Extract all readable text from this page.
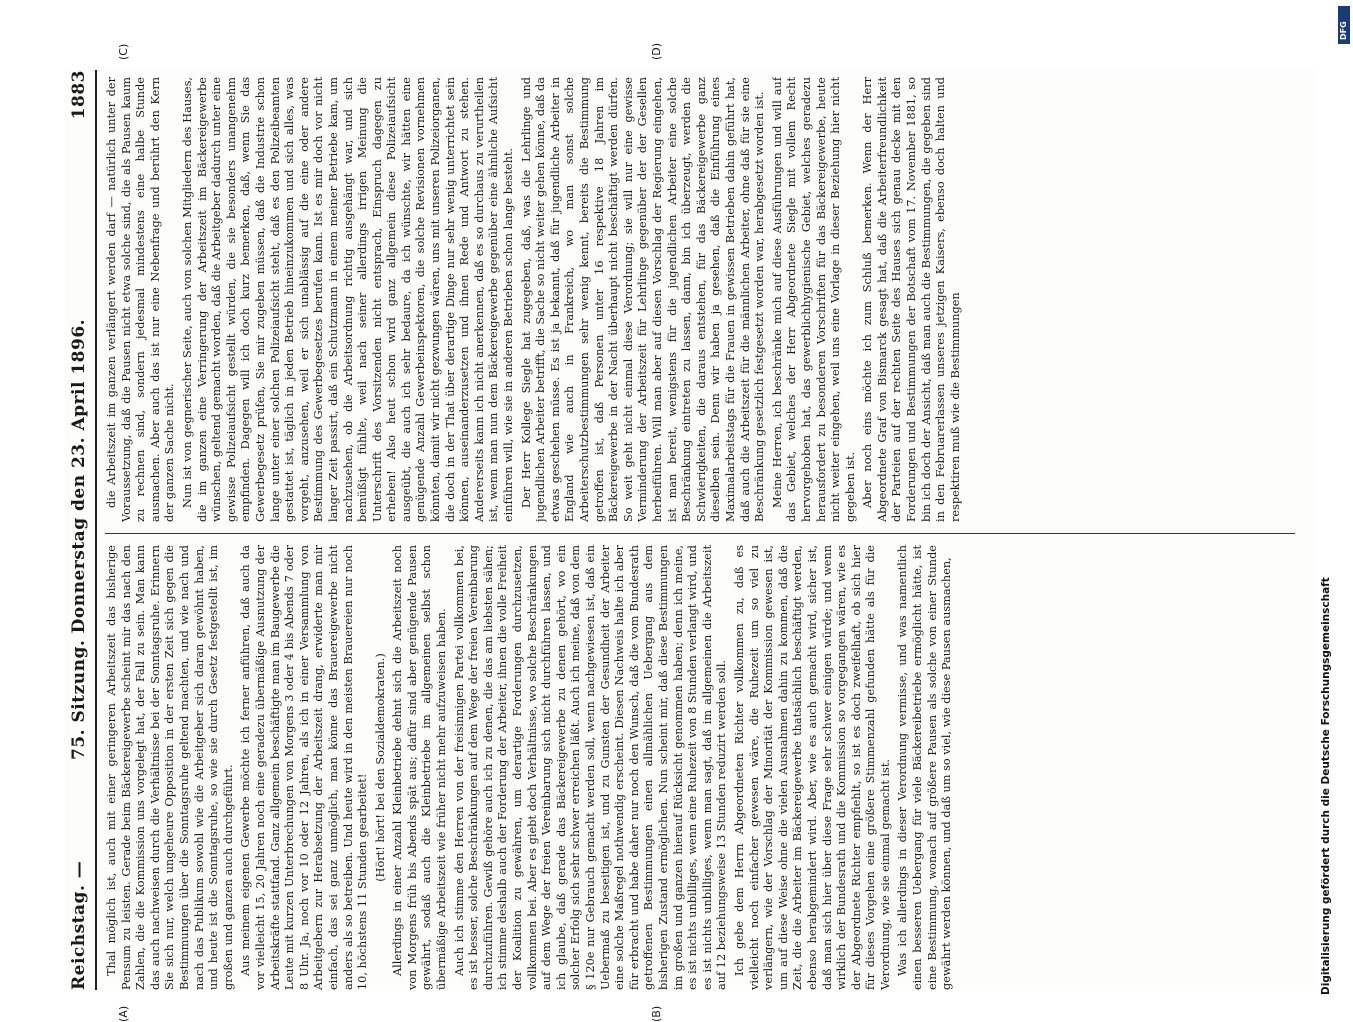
Reichstag. —
75. Sitzung. Donnerstag den 23. April 1896.
1883
(A)	(B)
(C)	(D)

Thal möglich ist, auch mit einer geringeren Arbeitszeit das bisherige Pensum zu leisten. Gerade beim Bäckereigewerbe scheint mir das nach den Zahlen, die die Kommission uns vorgelegt hat, der Fall zu sein. Man kann das auch nachweisen durch die Verhältnisse bei der Sonntagsruhe. Erinnern Sie sich nur, welch ungeheure Opposition in der ersten Zeit sich gegen die Bestimmungen über die Sonntagsruhe geltend machten, und wie nach und nach das Publikum sowohl wie die Arbeitgeber sich daran gewöhnt haben, und heute ist die Sonntagsruhe, so wie sie durch Gesetz festgestellt ist, im großen und ganzen auch durchgeführt. Aus meinem eigenen Gewerbe möchte ich ferner anführen, daß auch da vor vielleicht 15, 20 Jahren noch eine geradezu übermäßige Ausnutzung der Arbeitskräfte stattfand. Ganz allgemein beschäftigte man im Baugewerbe die Leute mit kurzen Unterbrechungen von Morgens 3 oder 4 bis Abends 7 oder 8 Uhr. Ja, noch vor 10 oder 12 Jahren, als ich in einer Versammlung von Arbeitgebern zur Herabsetzung der Arbeitszeit drang, erwiderte man mir einfach, das sei ganz unmöglich, man könne das Brauereigewerbe nicht anders als so betreiben. Und heute wird in den meisten Brauereien nur noch 10, höchstens 11 Stunden gearbeitet!

(Hört! hört! bei den Sozialdemokraten.) Allerdings in einer Anzahl Kleinbetriebe dehnt sich die Arbeitszeit noch von Morgens früh bis Abends spät aus; dafür sind aber genügende Pausen gewährt, sodaß auch die Kleinbetriebe im allgemeinen selbst schon übermäßige Arbeitszeit wie früher nicht mehr aufzuweisen haben. Auch ich stimme den Herren von der freisinnigen Partei vollkommen bei, es ist besser, solche Beschränkungen auf dem Wege der freien Vereinbarung durchzuführen. Gewiß gehöre auch ich zu denen, die das am liebsten sähen; ich stimme deshalb auch der Forderung der Arbeiter, ihnen die volle Freiheit der Koalition zu gewähren, um derartige Forderungen durchzusetzen, vollkommen bei. Aber es giebt doch Verhältnisse, wo solche Beschränkungen auf dem Wege der freien Vereinbarung sich nicht durchführen lassen, und ich glaube, daß gerade das Bäckereigewerbe zu denen gehört, wo ein solcher Erfolg sich sehr schwer erreichen läßt. Auch ich meine, daß von dem § 120e nur Gebrauch gemacht werden soll, wenn nachgewiesen ist, daß ein Uebermaß zu beseitigen ist, und zu Gunsten der Gesundheit der Arbeiter eine solche Maßregel nothwendig erscheint. Diesen Nachweis halte ich aber für erbracht und habe daher nur noch den Wunsch, daß die vom Bundesrath getroffenen Bestimmungen einen allmählichen Uebergang aus dem bisherigen Zustand ermöglichen. Nun scheint mir, daß diese Bestimmungen im großen und ganzen hierauf Rücksicht genommen haben; denn ich meine, es ist nichts unbilliges, wenn eine Ruhezeit von 8 Stunden verlangt wird, und es ist nichts unbilliges, wenn man sagt, daß im allgemeinen die Arbeitszeit auf 12 beziehungsweise 13 Stunden reduzirt werden soll. Ich gebe dem Herrn Abgeordneten Richter vollkommen zu, daß es vielleicht noch einfacher gewesen wäre, die Ruhezeit um so viel zu verlängern, wie der Vorschlag der Minorität der Kommission gewesen ist, um auf diese Weise ohne die vielen Ausnahmen dahin zu kommen, daß die Zeit, die die Arbeiter im Bäckereigewerbe thatsächlich beschäftigt werden, ebenso herabgemindert wird. Aber, wie es auch gemacht wird, sicher ist, daß man sich hier über diese Frage sehr schwer einigen würde; und wenn wirklich der Bundesrath und die Kommission so vorgegangen wären, wie es der Abgeordnete Richter empfiehlt, so ist es doch zweifelhaft, ob sich hier für dieses Vorgehen eine größere Stimmenzahl gefunden hätte als für die Verordnung, wie sie einmal gemacht ist. Was ich allerdings in dieser Verordnung vermisse, und was namentlich einen besseren Uebergang für viele Bäckereibetriebe ermöglicht hätte, ist eine Bestimmung, wonach auf größere Pausen als solche von einer Stunde gewährt werden können, und daß um so viel, wie diese Pausen ausmachen,

die Arbeitszeit im ganzen verlängert werden darf — natürlich unter der Voraussetzung, daß die Pausen nicht etwa solche sind, die als Pausen kaum zu rechnen sind, sondern jedesmal mindestens eine halbe Stunde ausmachen. Aber auch das ist nur eine Nebenfrage und berührt den Kern der ganzen Sache nicht. Nun ist von gegnerischer Seite, auch von solchen Mitgliedern des Hauses, die im ganzen eine Verringerung der Arbeitszeit im Bäckereigewerbe wünschen, geltend gemacht worden, daß die Arbeitgeber dadurch unter eine gewisse Polizeiaufsicht gestellt würden, die sie besonders unangenehm empfinden. Dagegen will ich doch kurz bemerken, daß, wenn Sie das Gewerbegesetz prüfen, Sie mir zugeben müssen, daß die Industrie schon lange unter einer solchen Polizeiaufsicht steht, daß es den Polizeibeamten gestattet ist, täglich in jeden Betrieb hineinzukommen und sich alles, was vorgeht, anzusehen, weil er sich unablässig auf die eine oder andere Bestimmung des Gewerbegesetzes berufen kann. Ist es mir doch vor nicht langer Zeit passirt, daß ein Schutzmann in einem meiner Betriebe kam, um nachzusehen, ob die Arbeitsordnung richtig ausgehängt war, und sich bemüßigt fühlte, weil nach seiner allerdings irrigen Meinung die Unterschrift des Vorsitzenden nicht entsprach, Einspruch dagegen zu erheben! Also heut schon wird ganz allgemein diese Polizeiaufsicht ausgeübt, die auch ich sehr bedaure, da ich wünschte, wir hätten eine genügende Anzahl Gewerbeinspektoren, die solche Revisionen vornehmen könnten, damit wir nicht gezwungen wären, uns mit unseren Polizeiorganen, die doch in der That über derartige Dinge nur sehr wenig unterrichtet sein können, auseinanderzusetzen und ihnen Rede und Antwort zu stehen. Andererseits kann ich nicht anerkennen, daß es so durchaus zu verurtheilen ist, wenn man nun dem Bäckereigewerbe gegenüber eine ähnliche Aufsicht einführen will, wie sie in anderen Betrieben schon lange besteht. Der Herr Kollege Siegle hat zugegeben, daß, was die Lehrlinge und jugendlichen Arbeiter betrifft, die Sache so nicht weiter gehen könne, daß da etwas geschehen müsse. Es ist ja bekannt, daß für jugendliche Arbeiter in England wie auch in Frankreich, wo man sonst solche Arbeiterschutzbestimmungen sehr wenig kennt, bereits die Bestimmung getroffen ist, daß Personen unter 16 respektive 18 Jahren im Bäckereigewerbe in der Nacht überhaupt nicht beschäftigt werden dürfen. So weit geht nicht einmal diese Verordnung; sie will nur eine gewisse Verminderung der Arbeitszeit für Lehrlinge gegenüber der der Gesellen herbeiführen. Will man aber auf diesen Vorschlag der Regierung eingehen, ist man bereit, wenigstens für die jugendlichen Arbeiter eine solche Beschränkung eintreten zu lassen, dann, bin ich überzeugt, werden die Schwierigkeiten, die daraus entstehen, für das Bäckereigewerbe ganz dieselben sein. Denn wir haben ja gesehen, daß die Einführung eines Maximalarbeitstags für die Frauen in gewissen Betrieben dahin geführt hat, daß auch die Arbeitszeit für die männlichen Arbeiter, ohne daß für sie eine Beschränkung gesetzlich festgesetzt worden war, herabgesetzt worden ist. Meine Herren, ich beschränke mich auf diese Ausführungen und will auf das Gebiet, welches der Herr Abgeordnete Siegle mit vollem Recht hervorgehoben hat, das gewerblichhygienische Gebiet, welches geradezu herausfordert zu besonderen Vorschriften für das Bäckereigewerbe, heute nicht weiter eingehen, weil uns eine Vorlage in dieser Beziehung hier nicht gegeben ist. Aber noch eins möchte ich zum Schluß bemerken. Wenn der Herr Abgeordnete Graf von Bismarck gesagt hat, daß die Arbeiterfreundlichkeit der Parteien auf der rechten Seite des Hauses sich genau decke mit den Forderungen und Bestimmungen der Botschaft vom 17. November 1881, so bin ich doch der Ansicht, daß man auch die Bestimmungen, die gegeben sind in den Februarerlassen unseres jetzigen Kaisers, ebenso doch halten und respektiren muß wie die Bestimmungen

Digitalisierung gefördert durch die Deutsche Forschungsgemeinschaft
DFG
